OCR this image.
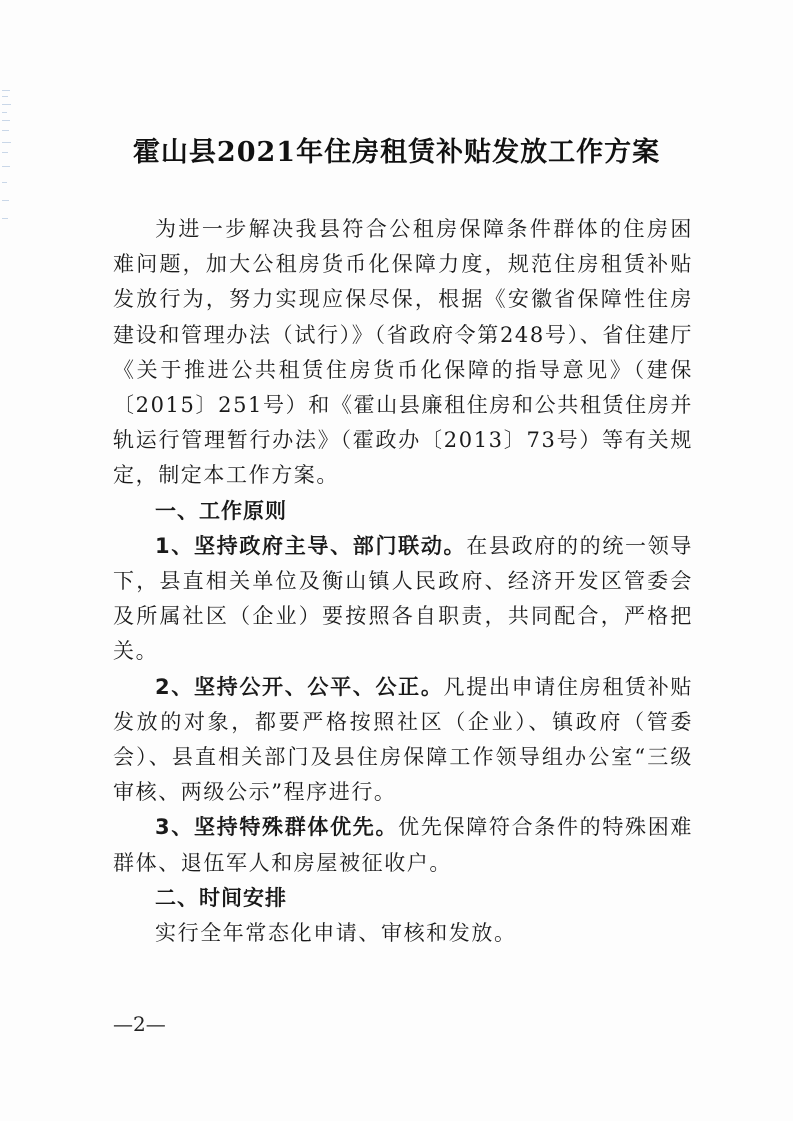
霍山县2021年住房租赁补贴发放工作方案

为进一步解决我县符合公租房保障条件群体的住房困难问题，加大公租房货币化保障力度，规范住房租赁补贴发放行为，努力实现应保尽保，根据《安徽省保障性住房建设和管理办法（试行）》（省政府令第248号）、省住建厅《关于推进公共租赁住房货币化保障的指导意见》（建保〔2015〕251号）和《霍山县廉租住房和公共租赁住房并轨运行管理暂行办法》（霍政办〔2013〕73号）等有关规定，制定本工作方案。

一、工作原则

1、坚持政府主导、部门联动。在县政府的的统一领导下，县直相关单位及衡山镇人民政府、经济开发区管委会及所属社区（企业）要按照各自职责，共同配合，严格把关。

2、坚持公开、公平、公正。凡提出申请住房租赁补贴发放的对象，都要严格按照社区（企业）、镇政府（管委会）、县直相关部门及县住房保障工作领导组办公室“三级审核、两级公示”程序进行。

3、坚持特殊群体优先。优先保障符合条件的特殊困难群体、退伍军人和房屋被征收户。

二、时间安排

实行全年常态化申请、审核和发放。

—2—
